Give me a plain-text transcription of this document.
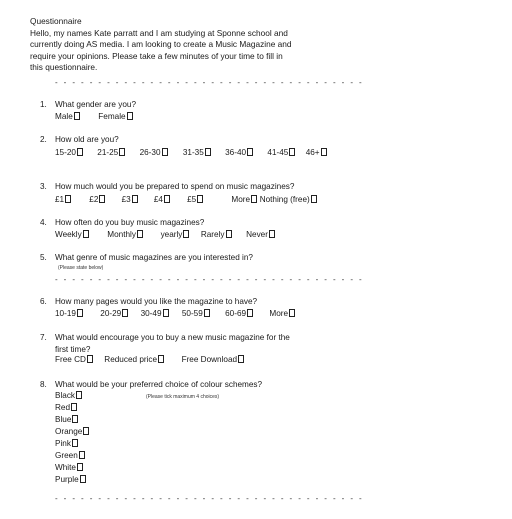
Questionnaire
Hello, my names Kate parratt and I am studying at Sponne school and
currently doing AS media. I am looking to create a Music Magazine and
require your opinions. Please take a few minutes of your time to fill in
this questionnaire.
- - - - - - - - - - - - - - - - - - - - - - - - - - - - - - - - - - - -
1. What gender are you?
Male	Female
2. How old are you?
15-20	21-25	26-30	31-35	36-40	41-45 46+
3. How much would you be prepared to spend on music magazines?
£1	£2	£3	£4	£5	More Nothing (free)
4. How often do you buy music magazines?
Weekly	Monthly	yearly Rarely	Never
5. What genre of music magazines are you interested in?
(Please state below)
- - - - - - - - - - - - - - - - - - - - - - - - - - - - - - - - - - - -
6. How many pages would you like the magazine to have?
10-19	20-29 30-49 50-59	60-69	More
7. What would encourage you to buy a new music magazine for the
first time?
Free CD Reduced price	Free Download
8. What would be your preferred choice of colour schemes?
(Please tick maximum 4 choices)
Black
Red
Blue
Orange
Pink
Green
White
Purple
- - - - - - - - - - - - - - - - - - - - - - - - - - - - - - - - - - - -
